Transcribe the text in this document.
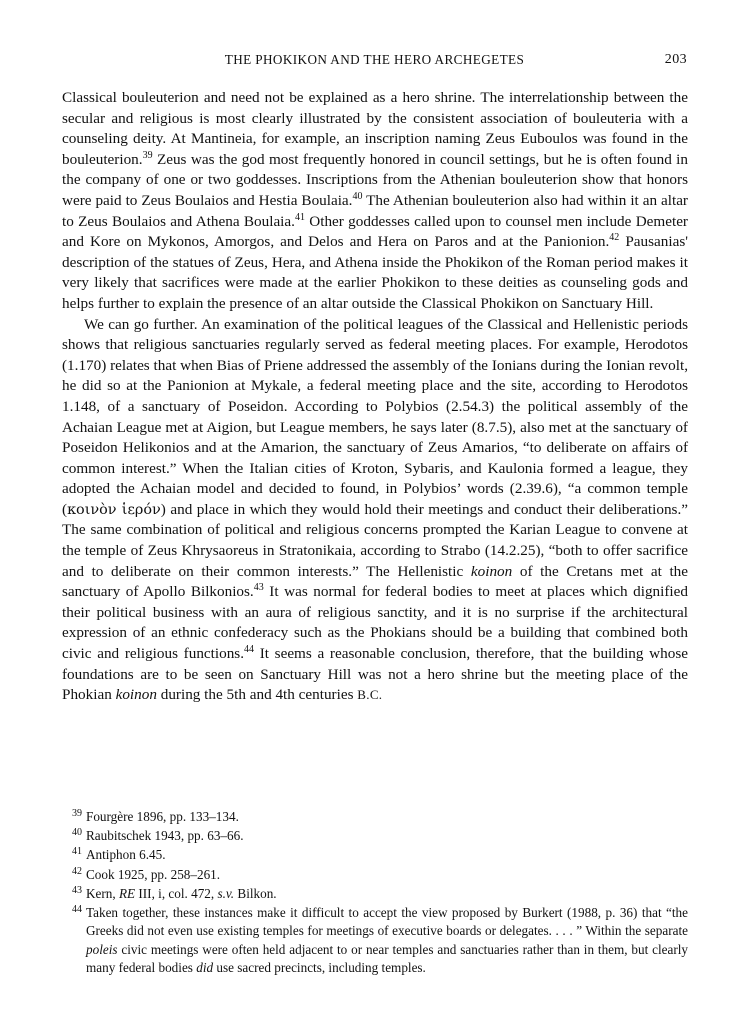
THE PHOKIKON AND THE HERO ARCHEGETES	203

Classical bouleuterion and need not be explained as a hero shrine. The interrelationship between the secular and religious is most clearly illustrated by the consistent association of bouleuteria with a counseling deity. At Mantineia, for example, an inscription naming Zeus Euboulos was found in the bouleuterion.$^{39}$ Zeus was the god most frequently honored in council settings, but he is often found in the company of one or two goddesses. Inscriptions from the Athenian bouleuterion show that honors were paid to Zeus Boulaios and Hestia Boulaia.$^{40}$ The Athenian bouleuterion also had within it an altar to Zeus Boulaios and Athena Boulaia.$^{41}$ Other goddesses called upon to counsel men include Demeter and Kore on Mykonos, Amorgos, and Delos and Hera on Paros and at the Panionion.$^{42}$ Pausanias' description of the statues of Zeus, Hera, and Athena inside the Phokikon of the Roman period makes it very likely that sacrifices were made at the earlier Phokikon to these deities as counseling gods and helps further to explain the presence of an altar outside the Classical Phokikon on Sanctuary Hill.

We can go further. An examination of the political leagues of the Classical and Hellenistic periods shows that religious sanctuaries regularly served as federal meeting places. For example, Herodotos (1.170) relates that when Bias of Priene addressed the assembly of the Ionians during the Ionian revolt, he did so at the Panionion at Mykale, a federal meeting place and the site, according to Herodotos 1.148, of a sanctuary of Poseidon. According to Polybios (2.54.3) the political assembly of the Achaian League met at Aigion, but League members, he says later (8.7.5), also met at the sanctuary of Poseidon Helikonios and at the Amarion, the sanctuary of Zeus Amarios, “to deliberate on affairs of common interest.” When the Italian cities of Kroton, Sybaris, and Kaulonia formed a league, they adopted the Achaian model and decided to found, in Polybios’ words (2.39.6), “a common temple (κοινὸν ἱερόν) and place in which they would hold their meetings and conduct their deliberations.” The same combination of political and religious concerns prompted the Karian League to convene at the temple of Zeus Khrysaoreus in Stratonikaia, according to Strabo (14.2.25), “both to offer sacrifice and to deliberate on their common interests.” The Hellenistic koinon of the Cretans met at the sanctuary of Apollo Bilkonios.$^{43}$ It was normal for federal bodies to meet at places which dignified their political business with an aura of religious sanctity, and it is no surprise if the architectural expression of an ethnic confederacy such as the Phokians should be a building that combined both civic and religious functions.$^{44}$ It seems a reasonable conclusion, therefore, that the building whose foundations are to be seen on Sanctuary Hill was not a hero shrine but the meeting place of the Phokian koinon during the 5th and 4th centuries B.C.

39 Fourgère 1896, pp. 133–134.
40 Raubitschek 1943, pp. 63–66.
41 Antiphon 6.45.
42 Cook 1925, pp. 258–261.
43 Kern, RE III, i, col. 472, s.v. Bilkon.
44 Taken together, these instances make it difficult to accept the view proposed by Burkert (1988, p. 36) that “the Greeks did not even use existing temples for meetings of executive boards or delegates. . . . ” Within the separate poleis civic meetings were often held adjacent to or near temples and sanctuaries rather than in them, but clearly many federal bodies did use sacred precincts, including temples.
